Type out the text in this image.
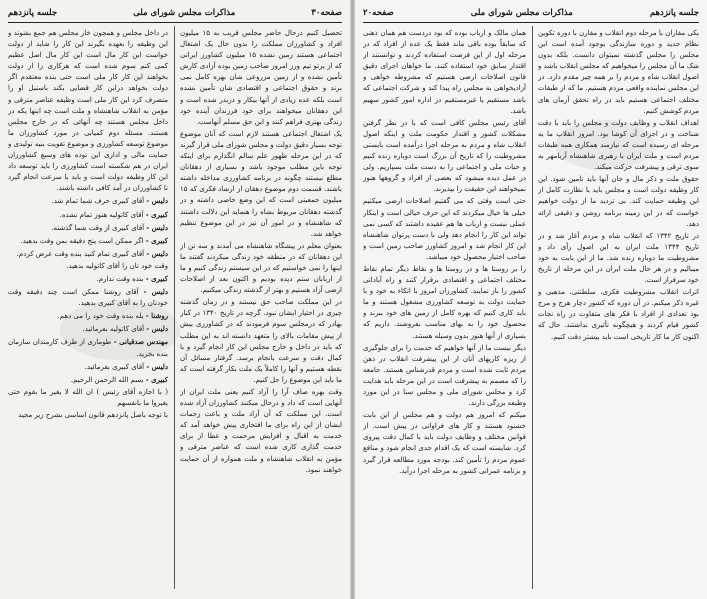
صفحه۳۰
مذاکرات مجلس شورای ملی
جلسه پانزدهم

در داخل مجلس و همچون خار مجلس هم جمع بشوند و این وظیفه را بعهده بگیرند این کار را شاید از دولت خواست این کار مال است این کار مال اصل عظیم کمی کنم سوم شده است که هرکاری را از دولت بخواهند این کار کار ملی است حتی بنده معتقدم اگر دولت بخواهد دراین کار قضایی بکند باستیل او را متصرف کرد این کار ملی است وظیفه عناصر مترقی و مؤمن به انقلاب شاهنشاه و ملت است چه اینها یکه در داخل مجلس هستند چه آنهائی که در خارج مجلس هستند. مسئله دوم کمیابی در مورد کشاورزان ما موضوع توسعه کشاورزی و موضوع تقویت بنیه تولیدی و حمایت مالی و اداری این توده های وسیع کشاورزان ایران در هم شکسته است کشاورزی را باید توسعه داد این کار وظیفه دولت است و باید با سرعت انجام گیرد تا کشاورزان در آمد کافی داشته باشند.

دلیس - آقای کبیری حرف شما تمام شد.

کبیری - آقای کاتولیه هنوز تمام نشده.

دلیس - آقای کبیری از وقت شما گذشته.

کبیری - اگر ممکن است پنج دقیقه بمن وقت بدهید.

دلیس - آقای کبیری تمام کنید بنده وقت عرض کردم.

وقت خود تان را آقای کاتولیه بدهید.

کبیری - بنده وقت ندارم.

دلیس - آقای روشنا ممکن است چند دقیقه وقت خودتان را به آقای کبیری بدهید.

روشنا - بله بنده وقت خود را می دهم.

دلیس - آقای کاتولیه بفرمائید.

مهندس صدقیانی - طوماری از طرف کارمندان سازمان بنده بخرید.

دلیس - آقای کبیری بفرمائید.

کبیری - بسم الله الرحمن الرحیم.

( با اجازه آقای رئیس ) ان الله لا یغیر ما بقوم حتی یغیروا ما بانفسهم

با توجه باصل پانزدهم قانون اساسی بشرح زیر مجید

تحصیل کنیم درحال حاضر مجلس قریب به ۱۵ میلیون افراد و کشاورزان مملکت را بدون حال یک اشتغال اجتماعی هستند زمین نشده ۱۵ میلیون کشاورز ایرانی که از پرتو تیم ورز امروز صاحب زمین بوده آزادی کارش تأمین نشده و از زمین مزروعی شان بهره کامل نمی برند و حقوق اجتماعی و اقتصادی شان تأمین نشده است بلکه عده زیادی از آنها بیکار و دربدر شده است و این دهقانان میخواهند برای خود فرزندان آینده خود زندگی بهتری فراهم کنند و این حق مسلم آنهاست.

یک اشتغال اجتماعی هستند لازم است که آنان موضوع توجه بسیار دقیق دولت و مجلس شورای ملی قرار گیرند که در این مرحله ظهور علم سالم انگذارم برای اینکه توجه باین مطلب موجود باشد و بسیاری از دهقانان مطلع نیستند چگونه در برنامه کشاورزی مداخله داشته باشند. قسمت دوم موضوع دهقان از ارشاد فکری که ۱۵ میلیون جمعیتی است که این وضع خاصی داشته و در گذشته دهقانان مربوط بشاه را هنماید این دلالت داشتند که شاهنشاه و در امور آن نیز در این موضوع تنظیم خواهد شد.

بعنوان معلم در پیشگاه شاهنشاه می آمدند و سه تن از این دهقانان که در منطقه خود زندگی میکردند گفتند ما اینها را نمی خواستیم که در این سیستم زندگی کنیم و ما از اربابان ستم دیده بودیم و اکنون بعد از اصلاحات ارضی آزاد هستیم و بهتر از گذشته زندگی میکنیم.

در این مملکت صاحب حق نیستند و در زمان گذشته چیزی در اختیار ایشان نبود. گرچه در تاریخ ۱۳۴۰ در کنار بهادر که درمجلس سوم فرمودند که در کشاورزی بیش از پیش مقامات بالای را متعهد دانسته اند به این مطلب که باید در داخل و خارج مجلس این کار انجام گیرد و با کمال دقت و سرعت بانجام برسد. گرفتار مسائل آن نقطه هستیم و آنها را کاملاً یک ملت بکار گرفته است که ما باید این موضوع را حل کنیم.

وقت بهره صاف آرا را آزاد کنیم یعنی ملت ایران از آنهایی است که داد و درحال میکنند کشاورزان آزاد شده است. این مملکت که آن آزاد ملت و باعث زحمات ایشان از این راه برای ما افتخاری پیش خواهد آمد که خدمت به اقبال و افزایش مرحمت و عطا از برای خدمت گذاری کاری شده است که عناصر مترقی و مؤمن به انقلاب شاهنشاه و ملت همواره از آن حمایت خواهند نمود.

جلسه پانزدهم
مذاکرات مجلس شورای ملی
صفحه۲۰

همان مالک و ارباب بوده که بود دردست هم همان ذهنی که سابقاً بوده باقی ماند فقط یک عده از افراد که در مرحله اول از این فرصت استفاده کردند و توانستند از اقتدار سابق خود استفاده کنند. ما خواهان اجرای دقیق قانون اصلاحات ارضی هستیم که مشروطه خواهی و آزادیخواهی به مجلس راه پیدا کند و شرکت اجتماعی که باشد مستقیم یا غیرمستقیم در اداره امور کشور سهیم باشد.

آقای رئیس مجلس کافی است که با در نظر گرفتن مشکلات کشور و اقتدار حکومت ملت و اینکه اصول انقلاب شاه و مردم به مرحله اجرا درآمده است بایستی مشروطیت را که تاریخ آن بزرگ است دوباره زنده کنیم و حیات ملی و اجتماعی را به دست ملت بسپاریم. ولی در عمل دیده میشود که بعضی از افراد و گروهها هنوز نمیخواهند این حقیقت را بپذیرند.

حتی است وقتی که می گفتیم اصلاحات ارضی میکنیم خیلی ها خیال میکردند که این حرف خیالی است و اینکار عملی نیست و ارباب ها هم عقیده داشتند که کسی نمی تواند این کار را انجام دهد ولی با دست پرتوان شاهنشاه این کار انجام شد و امروز کشاورز صاحب زمین است و صاحب اختیار محصول خود میباشد.

را بر روستا ها و در روستا ها و نقاط دیگر تمام نقاط مختلف اجتماعی و اقتصادی برقرار کنند و راه آبادانی کشور را باز نمایند. کشاورزان امروز با اتکاء به خود و با حمایت دولت به توسعه کشاورزی مشغول هستند و ما باید کاری کنیم که بهره کامل از زمین های خود ببرند و محصول خود را به بهای مناسب بفروشند. داریم که بسیاری از آنها هنوز بدون وسیله هستند.

دیگر نیست ما از آنها خواهیم که خدمت را برای جلوگیری از ریزه کاریهای آنان از این پیشرفت انقلاب در ذهن مردم ثابت شده است و مردم قدرشناس هستند. جامعه را که مصمم به پیشرفت است در این مرحله باید هدایت کرد و مجلس شورای ملی و مجلس سنا در این مورد وظیفه بزرگی دارند.

میکنم که امروز هم دولت و هم مجلس از این بابت خشنود هستند و کار های فراوانی در پیش است. از قوانین مختلف و وظایف دولت باید با کمال دقت پیروی کرد. شایسته است که یک اقدام جدی انجام شود و منافع عموم مردم را تأمین کند. بودجه مورد مطالعه قرار گیرد و برنامه عمرانی کشور به مرحله اجرا درآید.

یکی مقاران با مرحله دوم انقلاب و مقارن با دوره تکوین نظام جدید و دوره سازندگی بوجود آمده است این مجلس را مجلس گذشته نمیتوان دانست. بلکه بدون شک ما آن مجلس را میخواهیم که مجلس انقلاب باشد و اصول انقلاب شاه و مردم را بر همه چیز مقدم دارد. در این مجلس نماینده واقعی مردم هستیم. ما که از طبقات مختلف اجتماعی هستیم باید در راه تحقق آرمان های مردم کوشش کنیم.

اهداف انقلاب و وظایف دولت و مجلس را باید با دقت شناخت و در اجرای آن کوشا بود. امروز انقلاب ما به مرحله ای رسیده است که نیازمند همکاری همه طبقات مردم است و ملت ایران با رهبری شاهنشاه آریامهر به سوی ترقی و پیشرفت حرکت میکند.

حقوق ملت و ذکر مال و جان آنها باید تامین شود. این کار وظیفه دولت است و مجلس باید با نظارت کامل از این وظیفه حمایت کند. بی تردید ما از دولت خواهیم خواست که در این زمینه برنامه روشن و دقیقی ارائه دهد.

در تاریخ ۱۳۴۲ که انقلاب شاه و مردم آغاز شد و در تاریخ ۱۳۴۴ ملت ایران به این اصول رأی داد و مشروطیت ما دوباره زنده شد. ما از این بابت به خود میبالیم و در هر حال ملت ایران در این مرحله از تاریخ خود سرفراز است.

اثرات انقلاب مشروطیت فکری، سلطنتی، مذهبی و غیره ذکر میکنم. در آن دوره که کشور دچار هرج و مرج بود تعدادی از افراد با فکر های متفاوت در راه نجات کشور قیام کردند و هیچگونه تأثیری نداشتند. حال که اکنون کار ما کار تاریخی است باید بیشتر دقت کنیم.
